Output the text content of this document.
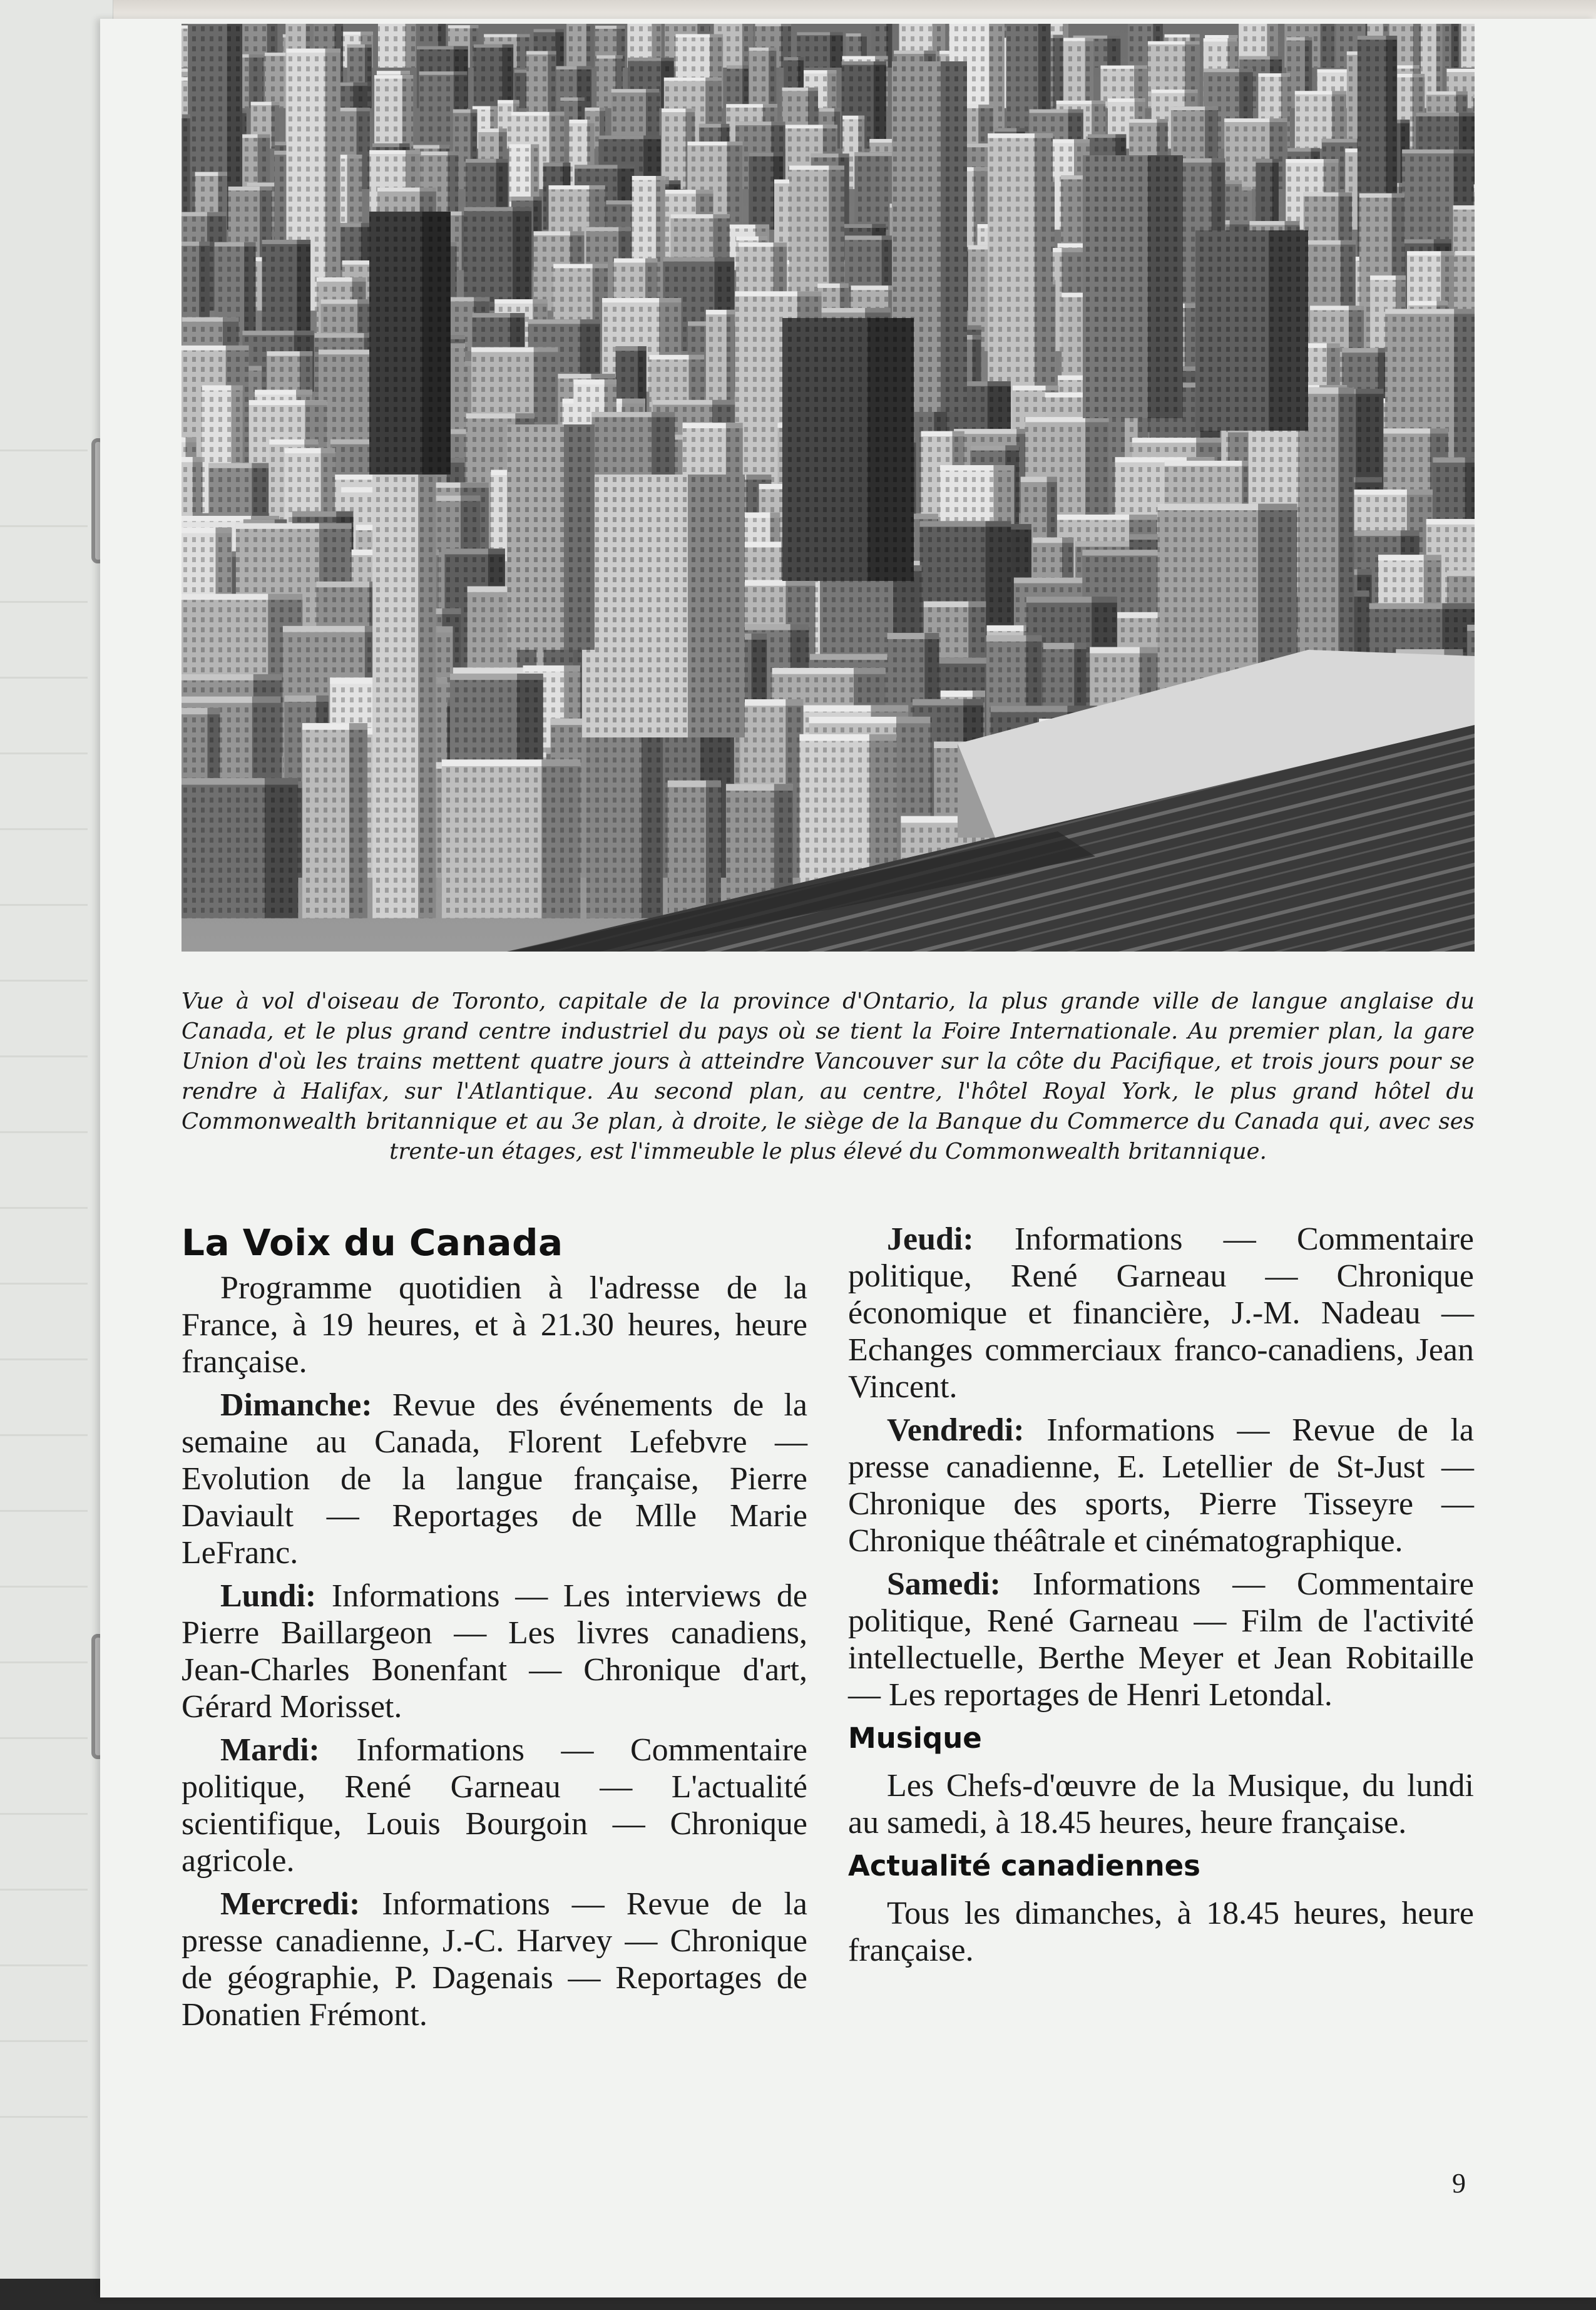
Vue à vol d'oiseau de Toronto, capitale de la province d'Ontario, la plus grande ville de langue anglaise du Canada, et le plus grand centre industriel du pays où se tient la Foire Internationale. Au premier plan, la gare Union d'où les trains mettent quatre jours à atteindre Vancouver sur la côte du Pacifique, et trois jours pour se rendre à Halifax, sur l'Atlantique. Au second plan, au centre, l'hôtel Royal York, le plus grand hôtel du Commonwealth britannique et au 3e plan, à droite, le siège de la Banque du Commerce du Canada qui, avec ses trente-un étages, est l'immeuble le plus élevé du Commonwealth britannique.
La Voix du Canada

Programme quotidien à l'adresse de la France, à 19 heures, et à 21.30 heures, heure française.

Dimanche: Revue des événements de la semaine au Canada, Florent Lefebvre — Evolution de la langue française, Pierre Daviault — Reportages de Mlle Marie LeFranc.

Lundi: Informations — Les interviews de Pierre Baillargeon — Les livres canadiens, Jean-Charles Bonenfant — Chronique d'art, Gérard Morisset.

Mardi: Informations — Commentaire politique, René Garneau — L'actualité scientifique, Louis Bourgoin — Chronique agricole.

Mercredi: Informations — Revue de la presse canadienne, J.-C. Harvey — Chronique de géographie, P. Dagenais — Reportages de Donatien Frémont.

Jeudi: Informations — Commentaire politique, René Garneau — Chronique économique et financière, J.-M. Nadeau — Echanges commerciaux franco-canadiens, Jean Vincent.

Vendredi: Informations — Revue de la presse canadienne, E. Letellier de St-Just — Chronique des sports, Pierre Tisseyre — Chronique théâtrale et cinématographique.

Samedi: Informations — Commentaire politique, René Garneau — Film de l'activité intellectuelle, Berthe Meyer et Jean Robitaille — Les reportages de Henri Letondal.

Musique

Les Chefs-d'œuvre de la Musique, du lundi au samedi, à 18.45 heures, heure française.

Actualité canadiennes

Tous les dimanches, à 18.45 heures, heure française.

9
